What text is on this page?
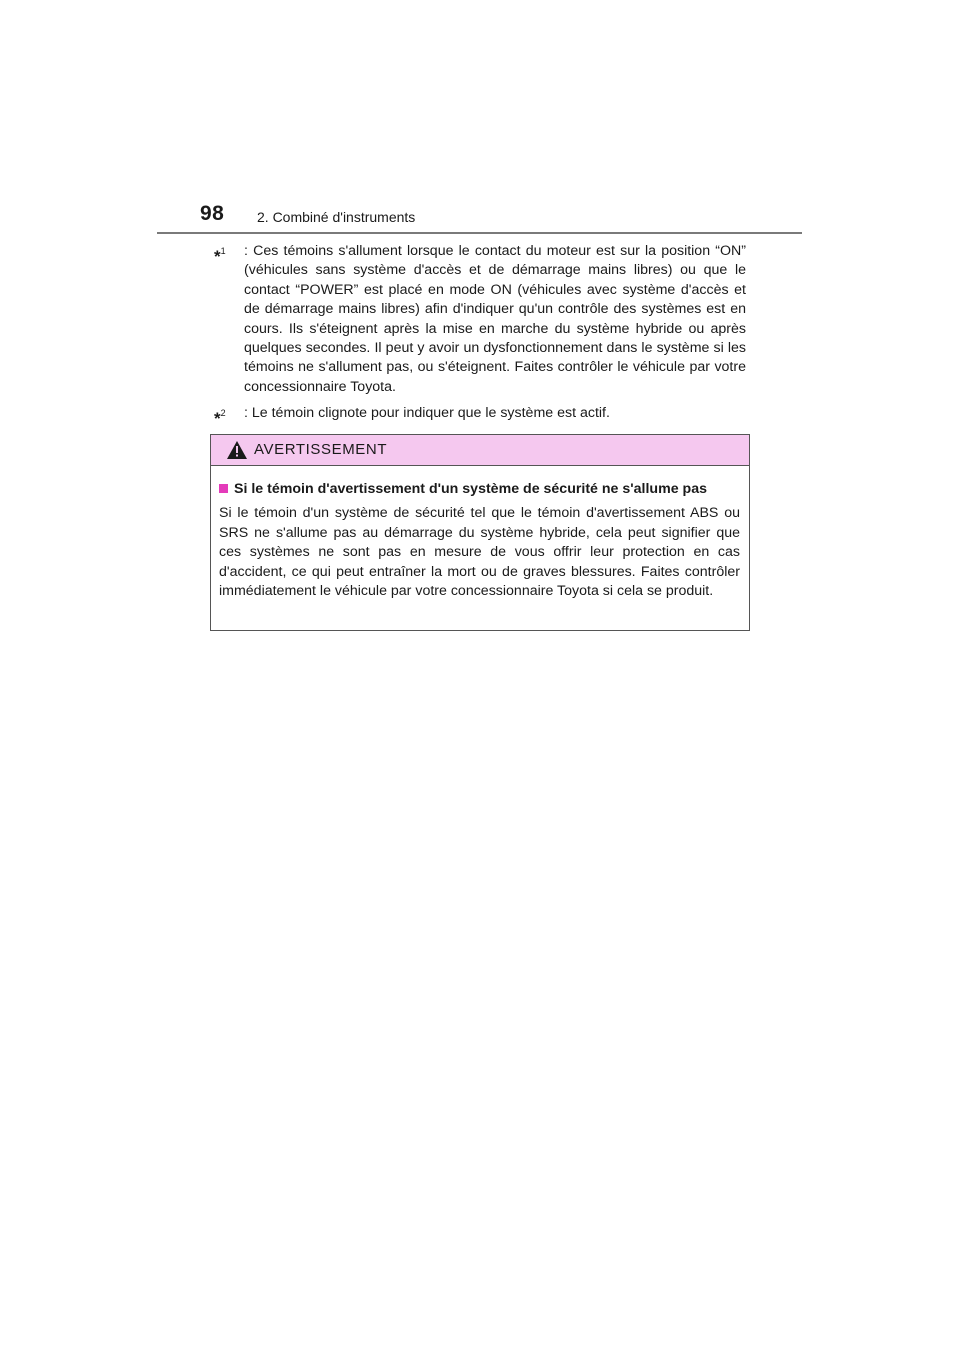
98 2. Combiné d'instruments
*$^1$	: Ces témoins s'allument lorsque le contact du moteur est sur la position “ON” (véhicules sans système d'accès et de démarrage mains libres) ou que le contact “POWER” est placé en mode ON (véhicules avec système d'accès et de démarrage mains libres) afin d'indiquer qu'un contrôle des systèmes est en cours. Ils s'éteignent après la mise en marche du système hybride ou après quelques secondes. Il peut y avoir un dysfonctionnement dans le système si les témoins ne s'allument pas, ou s'éteignent. Faites contrôler le véhicule par votre concessionnaire Toyota.
*$^2$	: Le témoin clignote pour indiquer que le système est actif.
AVERTISSEMENT
Si le témoin d'avertissement d'un système de sécurité ne s'allume pas
Si le témoin d'un système de sécurité tel que le témoin d'avertissement ABS ou SRS ne s'allume pas au démarrage du système hybride, cela peut signifier que ces systèmes ne sont pas en mesure de vous offrir leur protection en cas d'accident, ce qui peut entraîner la mort ou de graves blessures. Faites contrôler immédiatement le véhicule par votre concessionnaire Toyota si cela se produit.
